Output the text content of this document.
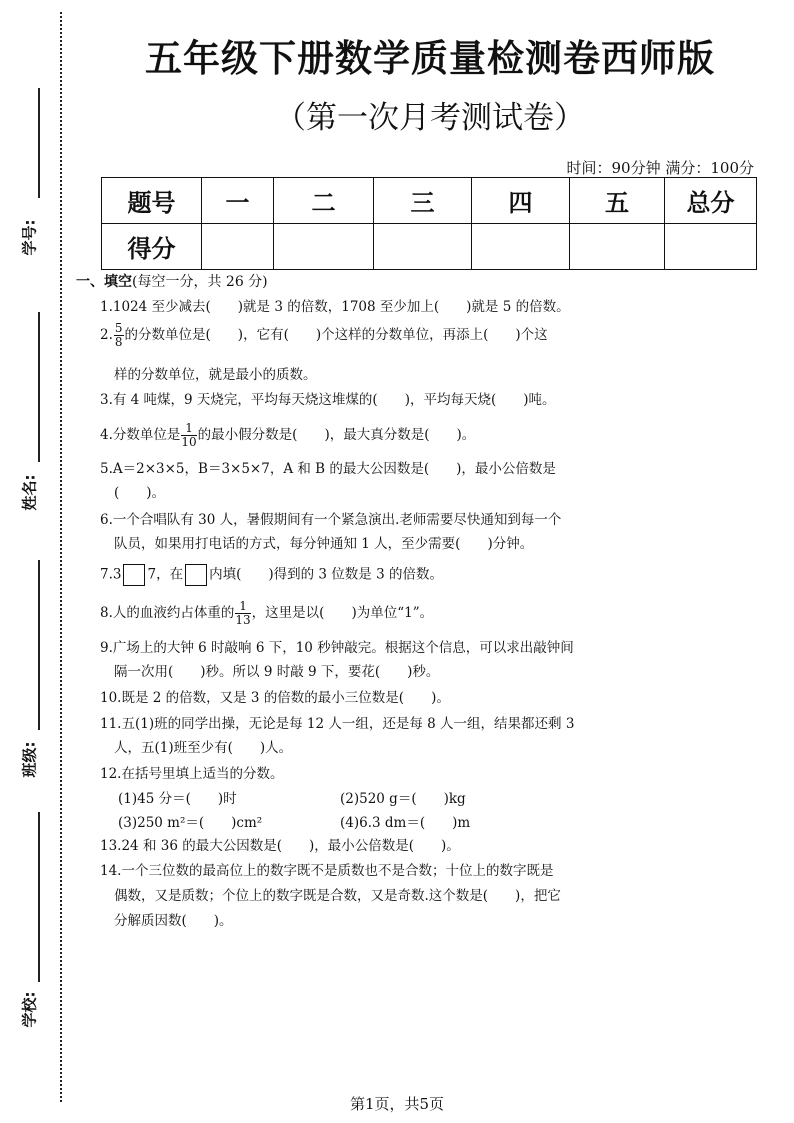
学号:
姓名:
班级:
学校:
五年级下册数学质量检测卷西师版
（第一次月考测试卷）
时间：90分钟 满分：100分
题号	一	二	三	四	五	总分
得分						
一、填空(每空一分，共 26 分)
1.1024 至少减去(　　)就是 3 的倍数，1708 至少加上(　　)就是 5 的倍数。
2. $\frac{5}{8}$ 的分数单位是(　　)，它有(　　)个这样的分数单位，再添上(　　)个这
样的分数单位，就是最小的质数。
3.有 4 吨煤，9 天烧完，平均每天烧这堆煤的(　　)，平均每天烧(　　)吨。
4.分数单位是 $\frac{1}{10}$ 的最小假分数是(　　)，最大真分数是(　　)。
5.A＝2×3×5，B＝3×5×7，A 和 B 的最大公因数是(　　)，最小公倍数是
(　　)。
6.一个合唱队有 30 人，暑假期间有一个紧急演出.老师需要尽快通知到每一个
队员，如果用打电话的方式，每分钟通知 1 人，至少需要(　　)分钟。
7.3 7，在 内填(　　)得到的 3 位数是 3 的倍数。
8.人的血液约占体重的 $\frac{1}{13}$ ，这里是以(　　)为单位“1”。
9.广场上的大钟 6 时敲响 6 下，10 秒钟敲完。根据这个信息，可以求出敲钟间
隔一次用(　　)秒。所以 9 时敲 9 下，要花(　　)秒。
10.既是 2 的倍数，又是 3 的倍数的最小三位数是(　　)。
11.五(1)班的同学出操，无论是每 12 人一组，还是每 8 人一组，结果都还剩 3
人，五(1)班至少有(　　)人。
12.在括号里填上适当的分数。
(1)45 分＝(　　)时	(2)520 g＝(　　)kg
(3)250 m²＝(　　)cm²	(4)6.3 dm＝(　　)m
13.24 和 36 的最大公因数是(　　)，最小公倍数是(　　)。
14.一个三位数的最高位上的数字既不是质数也不是合数；十位上的数字既是
偶数，又是质数；个位上的数字既是合数，又是奇数.这个数是(　　)，把它
分解质因数(　　)。
第1页，共5页
